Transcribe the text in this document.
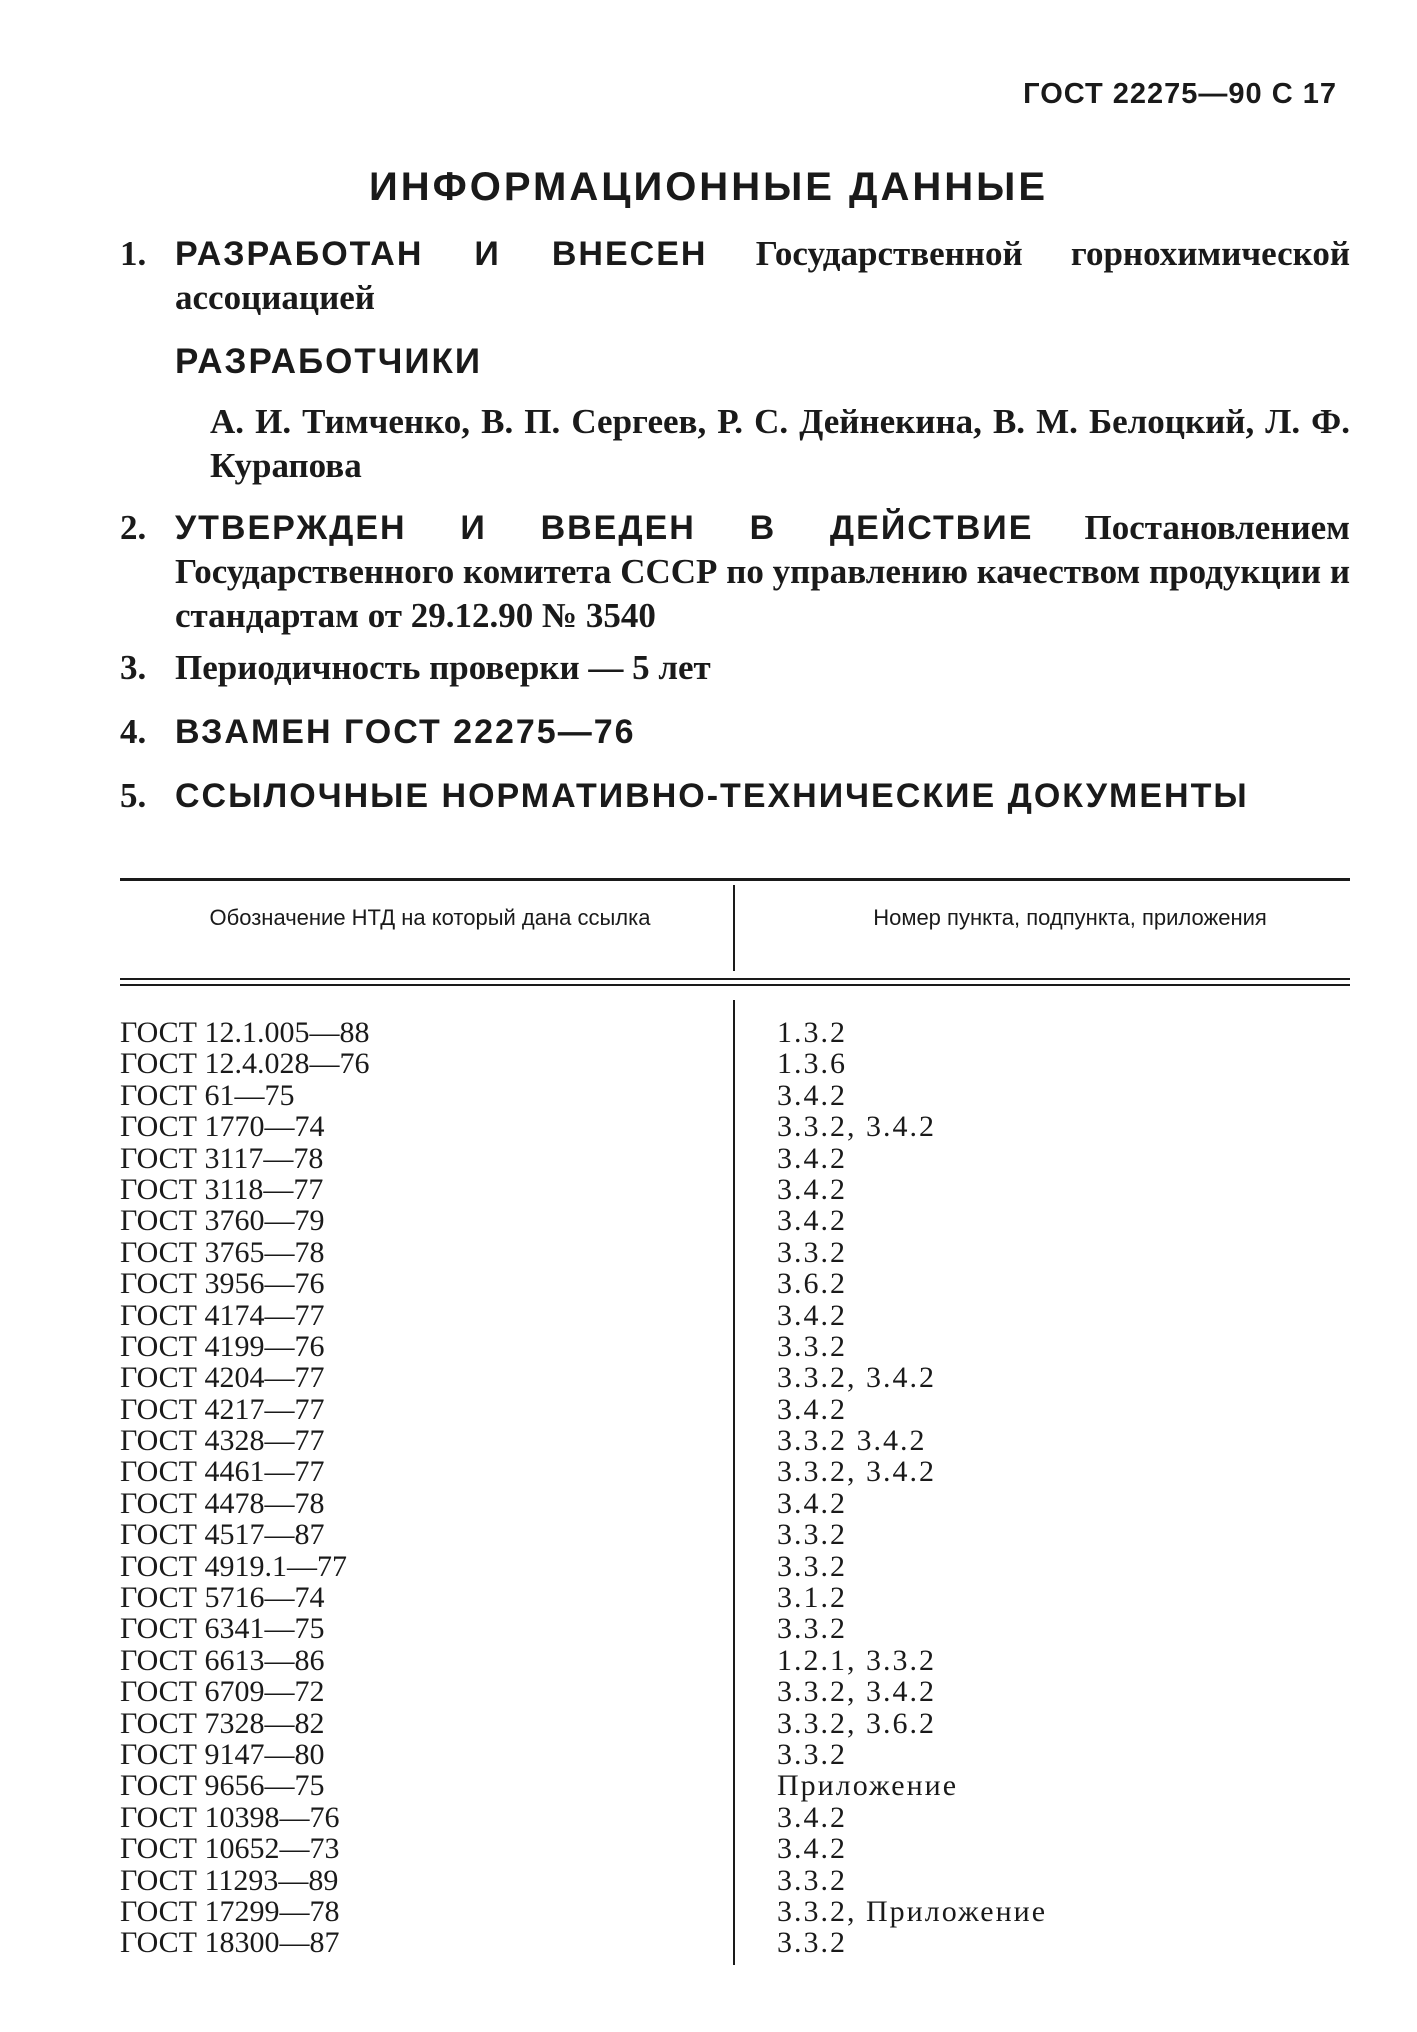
ГОСТ 22275—90 С 17
ИНФОРМАЦИОННЫЕ ДАННЫЕ
1. РАЗРАБОТАН И ВНЕСЕН Государственной горнохимической ассоциацией
РАЗРАБОТЧИКИ
А. И. Тимченко, В. П. Сергеев, Р. С. Дейнекина, В. М. Белоцкий, Л. Ф. Курапова
2. УТВЕРЖДЕН И ВВЕДЕН В ДЕЙСТВИЕ Постановлением Государственного комитета СССР по управлению качеством продукции и стандартам от 29.12.90 № 3540
3. Периодичность проверки — 5 лет
4. ВЗАМЕН ГОСТ 22275—76
5. ССЫЛОЧНЫЕ НОРМАТИВНО-ТЕХНИЧЕСКИЕ ДОКУМЕНТЫ
Обозначение НТД на который дана ссылка	Номер пункта, подпункта, приложения
ГОСТ 12.1.005—88	1.3.2
ГОСТ 12.4.028—76	1.3.6
ГОСТ 61—75	3.4.2
ГОСТ 1770—74	3.3.2, 3.4.2
ГОСТ 3117—78	3.4.2
ГОСТ 3118—77	3.4.2
ГОСТ 3760—79	3.4.2
ГОСТ 3765—78	3.3.2
ГОСТ 3956—76	3.6.2
ГОСТ 4174—77	3.4.2
ГОСТ 4199—76	3.3.2
ГОСТ 4204—77	3.3.2, 3.4.2
ГОСТ 4217—77	3.4.2
ГОСТ 4328—77	3.3.2 3.4.2
ГОСТ 4461—77	3.3.2, 3.4.2
ГОСТ 4478—78	3.4.2
ГОСТ 4517—87	3.3.2
ГОСТ 4919.1—77	3.3.2
ГОСТ 5716—74	3.1.2
ГОСТ 6341—75	3.3.2
ГОСТ 6613—86	1.2.1, 3.3.2
ГОСТ 6709—72	3.3.2, 3.4.2
ГОСТ 7328—82	3.3.2, 3.6.2
ГОСТ 9147—80	3.3.2
ГОСТ 9656—75	Приложение
ГОСТ 10398—76	3.4.2
ГОСТ 10652—73	3.4.2
ГОСТ 11293—89	3.3.2
ГОСТ 17299—78	3.3.2, Приложение
ГОСТ 18300—87	3.3.2
